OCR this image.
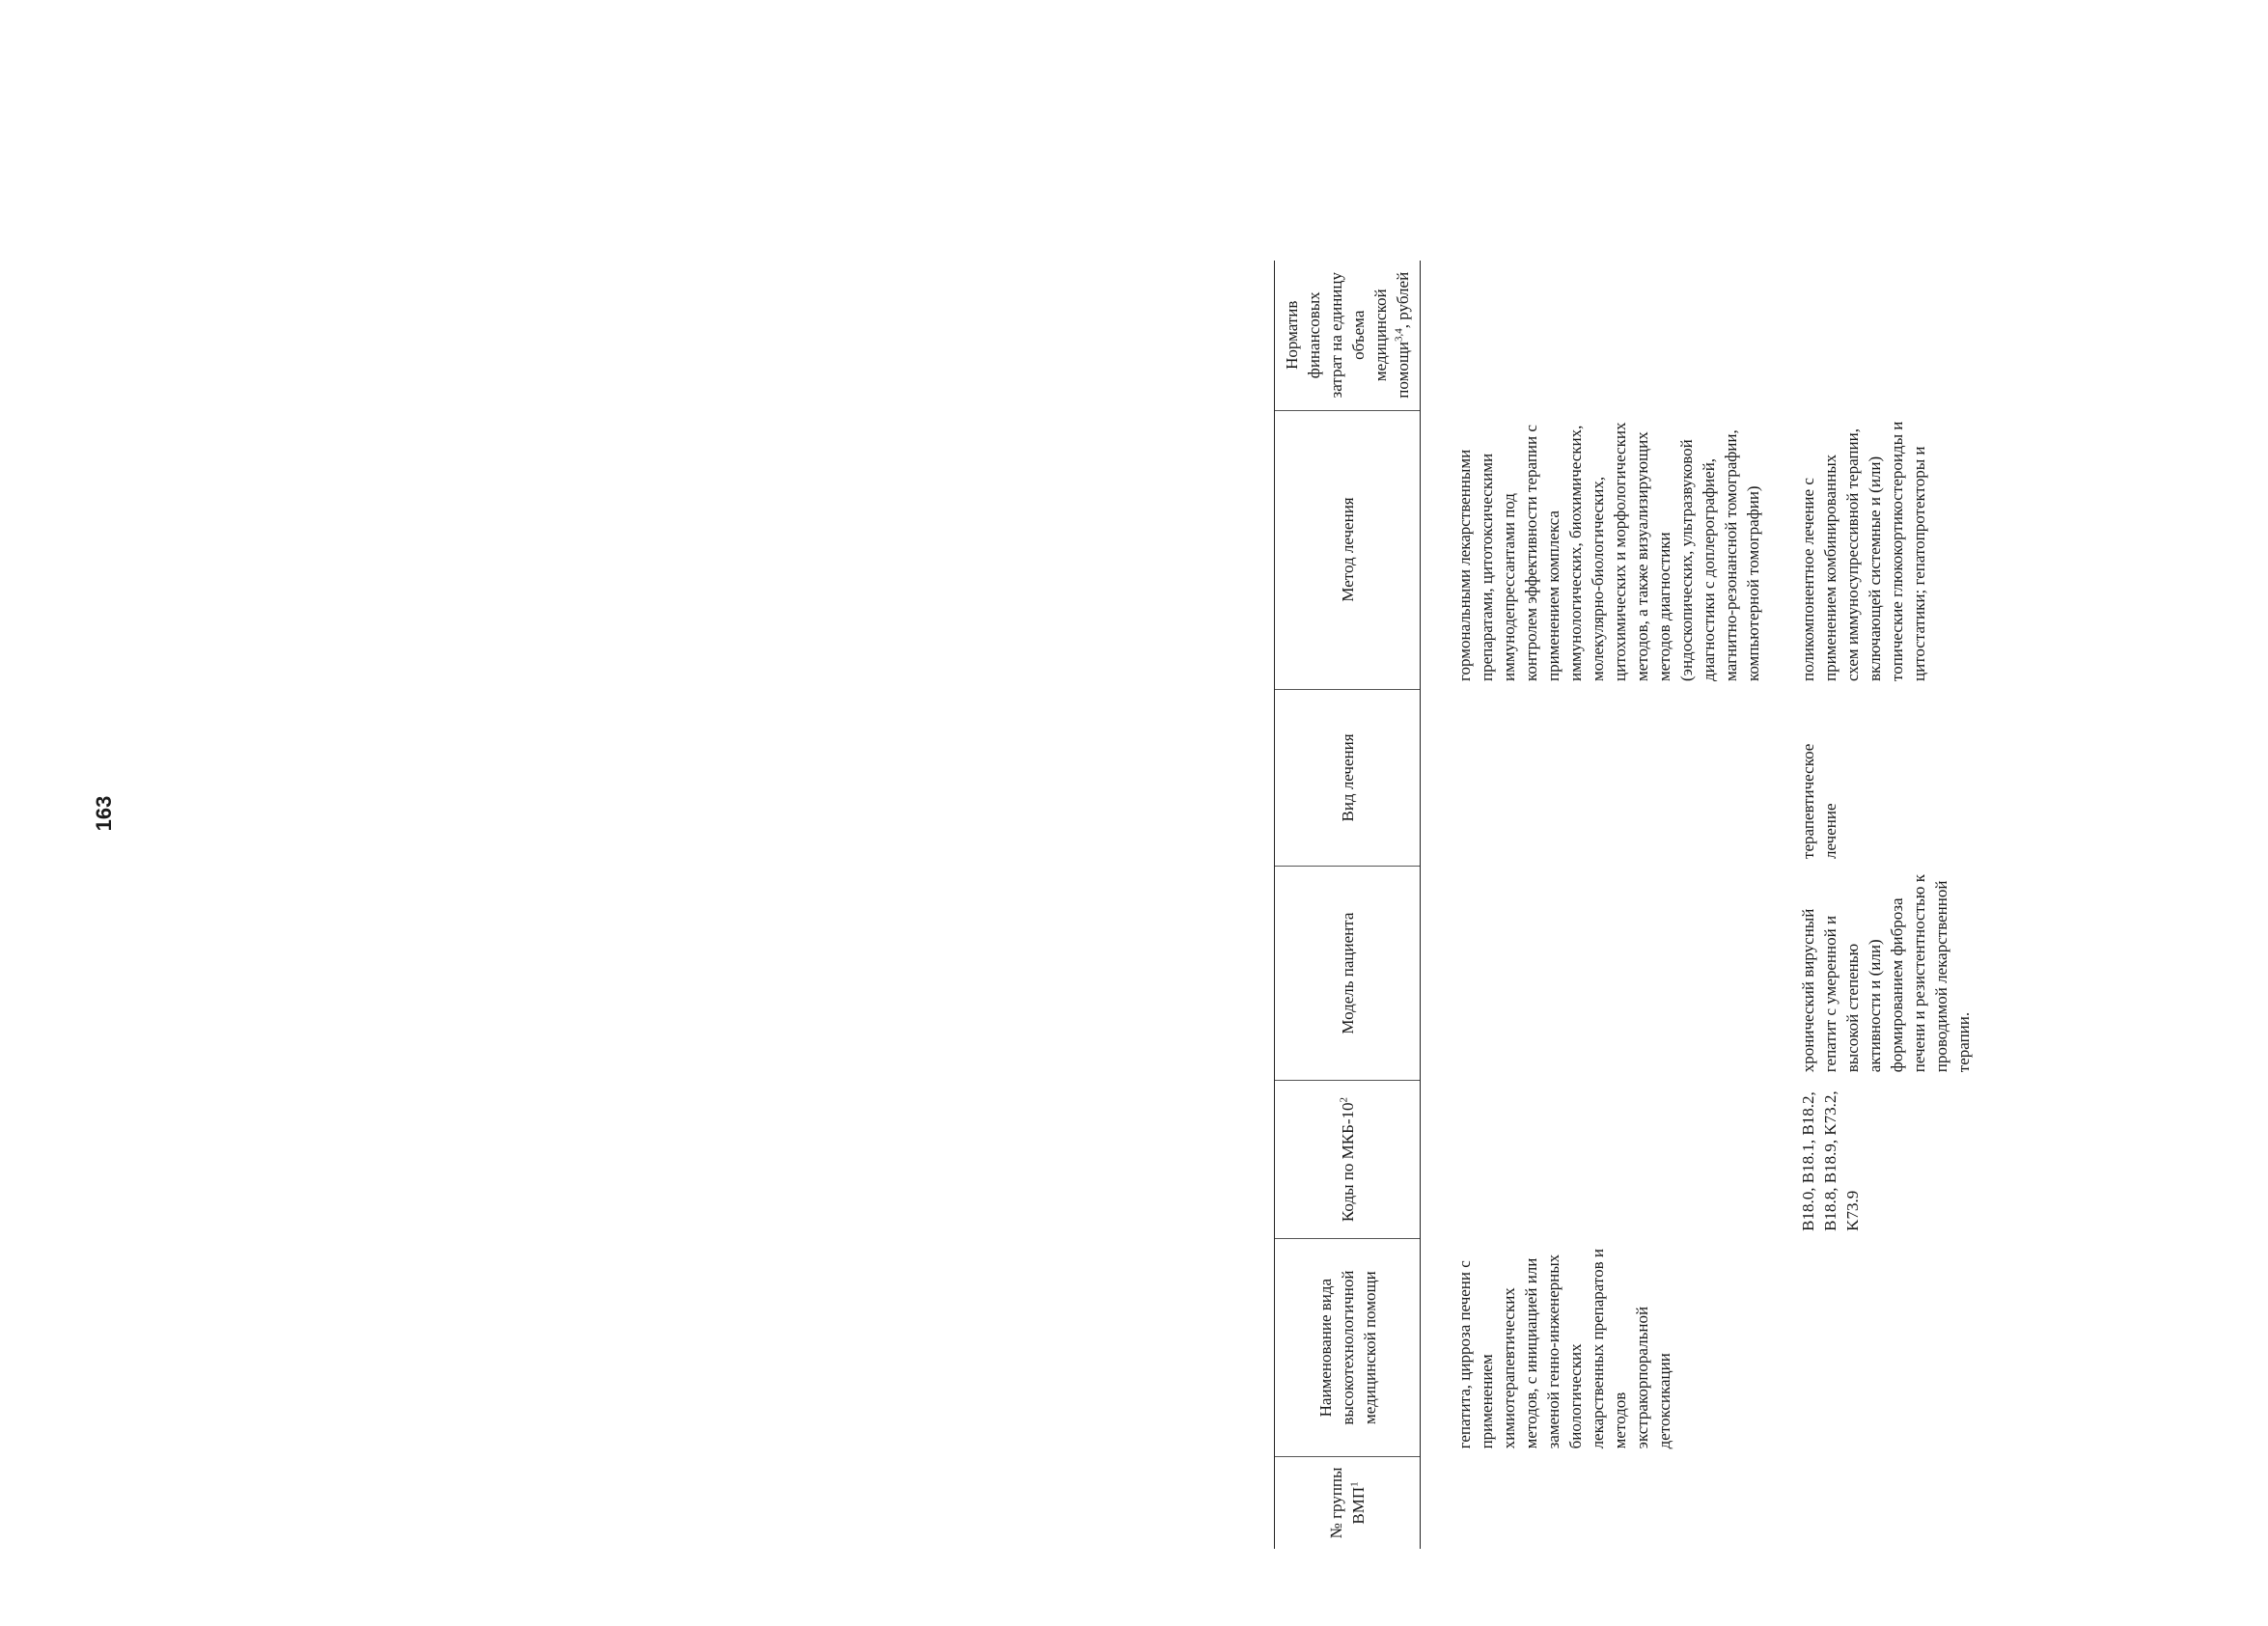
163
№ группы ВМП$^1$	Наименование вида высокотехнологичной медицинской помощи	Коды по МКБ-$10^2$	Модель пациента	Вид лечения	Метод лечения	Норматив финансовых затрат на единицу объема медицинской помощи$^{3,4}$, рублей

	гепатита, цирроза печени с применением химиотерапевтических методов, с инициацией или заменой генно-инженерных биологических лекарственных препаратов и методов экстракорпоральной детоксикации				гормональными лекарственными препаратами, цитотоксическими иммунодепрессантами под контролем эффективности терапии с применением комплекса иммунологических, биохимических, молекулярно-биологических, цитохимических и морфологических методов, а также визуализирующих методов диагностики (эндоскопических, ультразвуковой диагностики с доплерографией, магнитно-резонансной томографии, компьютерной томографии)	

		B18.0, B18.1, B18.2, B18.8, B18.9, K73.2, K73.9	хронический вирусный гепатит с умеренной и высокой степенью активности и (или) формированием фиброза печени и резистентностью к проводимой лекарственной терапии.	терапевтическое лечение	поликомпонентное лечение с применением комбинированных схем иммуносупрессивной терапии, включающей системные и (или) топические глюкокортикостероиды и цитостатики; гепатопротекторы и	
